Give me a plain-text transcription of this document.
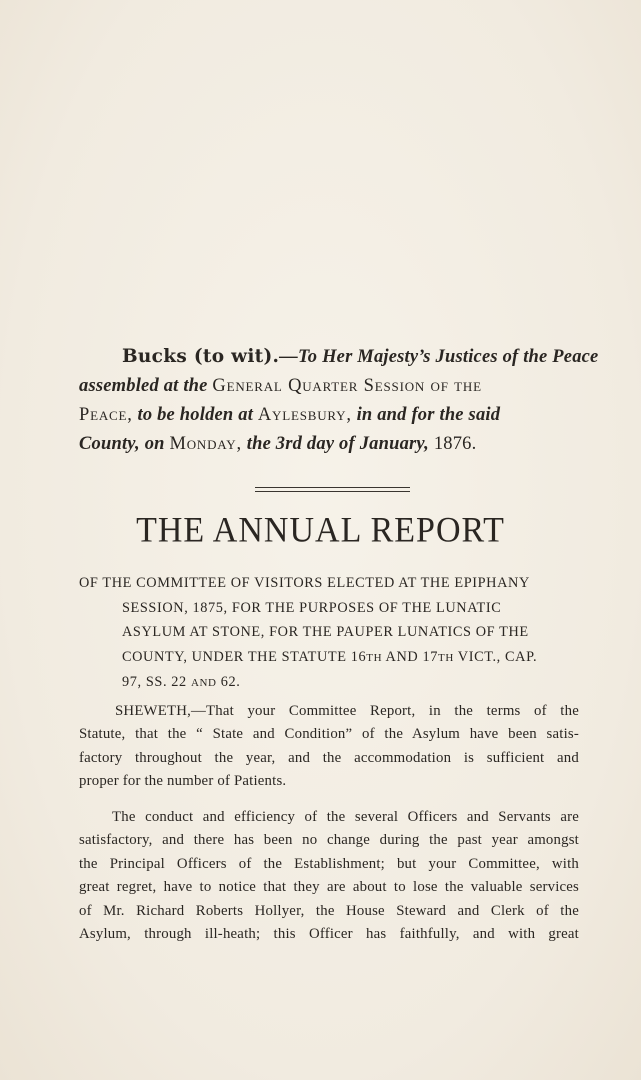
Bucks (to wit).—To Her Majesty’s Justices of the Peace
assembled at the General Quarter Session of the
Peace, to be holden at Aylesbury, in and for the said
County, on Monday, the 3rd day of January, 1876.
THE ANNUAL REPORT
OF THE COMMITTEE OF VISITORS ELECTED AT THE EPIPHANY
SESSION, 1875, FOR THE PURPOSES OF THE LUNATIC
ASYLUM AT STONE, FOR THE PAUPER LUNATICS OF THE
COUNTY, UNDER THE STATUTE 16TH AND 17TH VICT., CAP.
97, SS. 22 AND 62.
SHEWETH,—That your Committee Report, in the terms of the
Statute, that the “ State and Condition” of the Asylum have been satis-
factory throughout the year, and the accommodation is sufficient and
proper for the number of Patients.
The conduct and efficiency of the several Officers and Servants are
satisfactory, and there has been no change during the past year amongst
the Principal Officers of the Establishment; but your Committee, with
great regret, have to notice that they are about to lose the valuable services
of Mr. Richard Roberts Hollyer, the House Steward and Clerk of the
Asylum, through ill-heath; this Officer has faithfully, and with great
